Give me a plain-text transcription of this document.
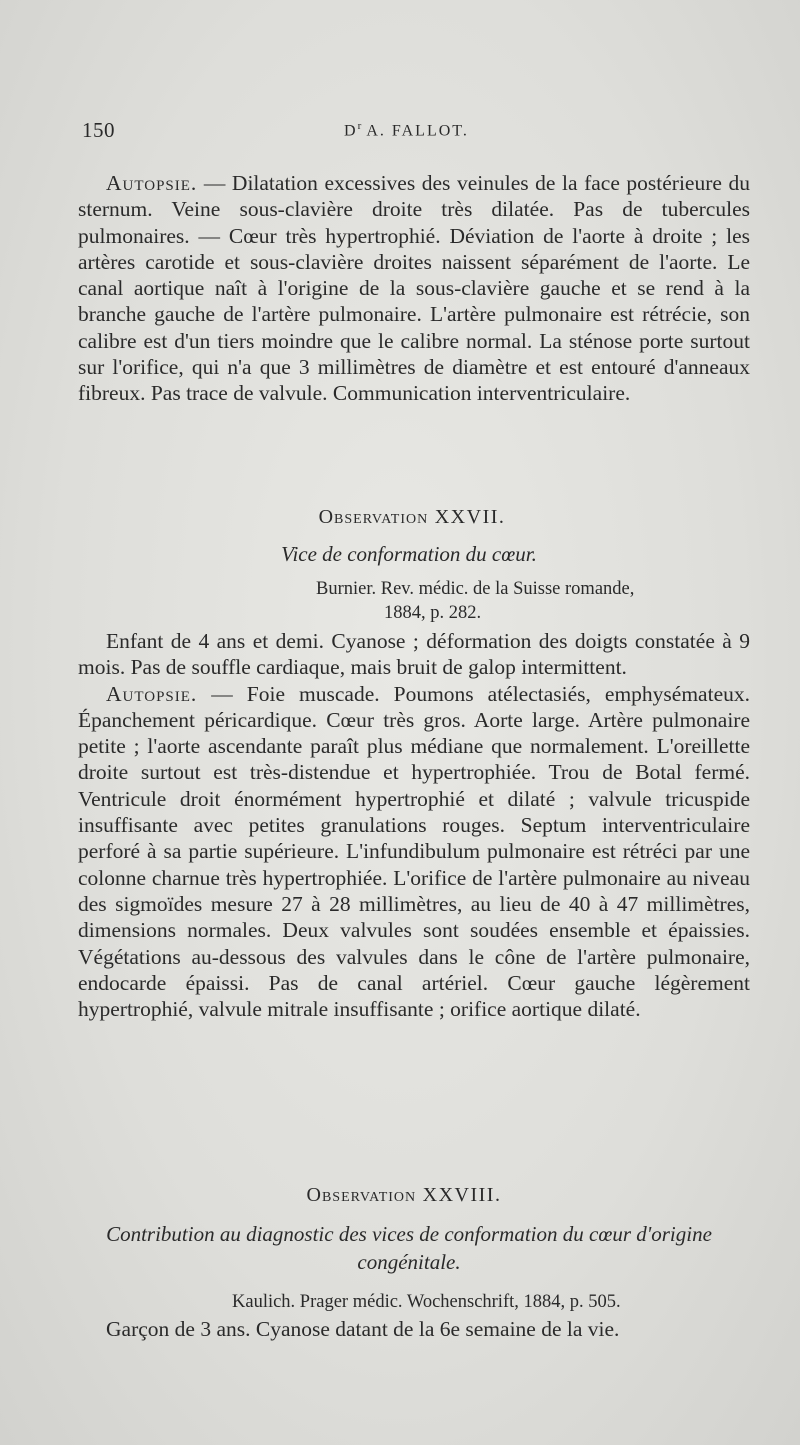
150	$D^r$ A. FALLOT.

Autopsie. — Dilatation excessives des veinules de la face postérieure du sternum. Veine sous-clavière droite très dilatée. Pas de tubercules pulmonaires. — Cœur très hypertrophié. Déviation de l'aorte à droite ; les artères carotide et sous-clavière droites naissent séparément de l'aorte. Le canal aortique naît à l'origine de la sous-clavière gauche et se rend à la branche gauche de l'artère pulmonaire. L'artère pulmonaire est rétrécie, son calibre est d'un tiers moindre que le calibre normal. La sténose porte surtout sur l'orifice, qui n'a que 3 millimètres de diamètre et est entouré d'anneaux fibreux. Pas trace de valvule. Communication interventriculaire.

Observation XXVII.
Vice de conformation du cœur.
Burnier. Rev. médic. de la Suisse romande,
1884, p. 282.

Enfant de 4 ans et demi. Cyanose ; déformation des doigts constatée à 9 mois. Pas de souffle cardiaque, mais bruit de galop intermittent.

Autopsie. — Foie muscade. Poumons atélectasiés, emphysémateux. Épanchement péricardique. Cœur très gros. Aorte large. Artère pulmonaire petite ; l'aorte ascendante paraît plus médiane que normalement. L'oreillette droite surtout est très-distendue et hypertrophiée. Trou de Botal fermé. Ventricule droit énormément hypertrophié et dilaté ; valvule tricuspide insuffisante avec petites granulations rouges. Septum interventriculaire perforé à sa partie supérieure. L'infundibulum pulmonaire est rétréci par une colonne charnue très hypertrophiée. L'orifice de l'artère pulmonaire au niveau des sigmoïdes mesure 27 à 28 millimètres, au lieu de 40 à 47 millimètres, dimensions normales. Deux valvules sont soudées ensemble et épaissies. Végétations au-dessous des valvules dans le cône de l'artère pulmonaire, endocarde épaissi. Pas de canal artériel. Cœur gauche légèrement hypertrophié, valvule mitrale insuffisante ; orifice aortique dilaté.

Observation XXVIII.
Contribution au diagnostic des vices de conformation du cœur d'origine congénitale.
Kaulich. Prager médic. Wochenschrift, 1884, p. 505.

Garçon de 3 ans. Cyanose datant de la 6e semaine de la vie.
